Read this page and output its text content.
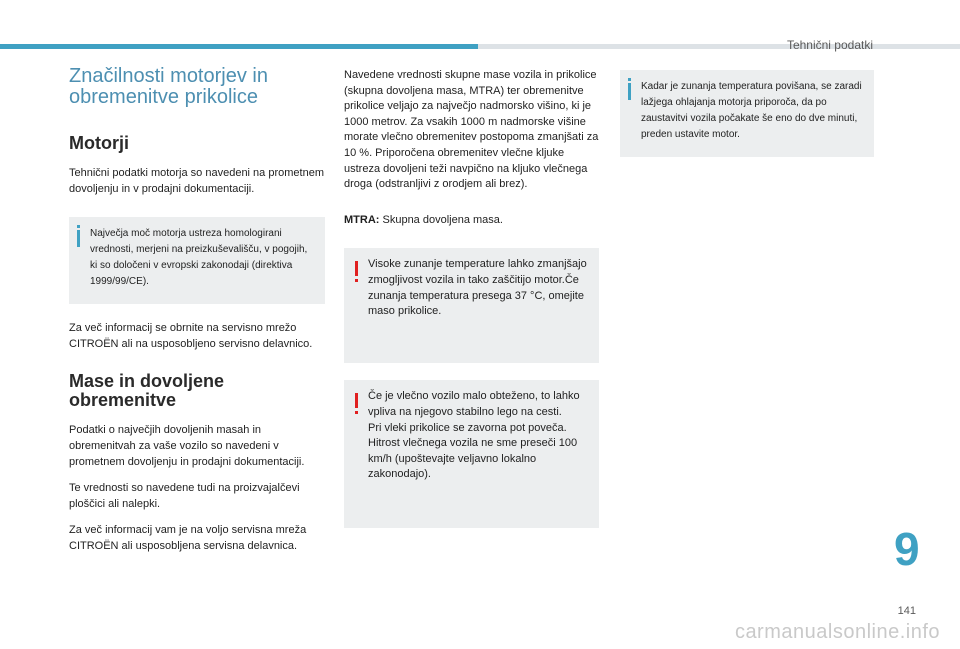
Tehnični podatki
Značilnosti motorjev in obremenitve prikolice
Motorji

Tehnični podatki motorja so navedeni na prometnem dovoljenju in v prodajni dokumentaciji.

Največja moč motorja ustreza homologirani vrednosti, merjeni na preizkuševališču, v pogojih, ki so določeni v evropski zakonodaji (direktiva 1999/99/CE).

Za več informacij se obrnite na servisno mrežo CITROËN ali na usposobljeno servisno delavnico.

Mase in dovoljene obremenitve

Podatki o največjih dovoljenih masah in obremenitvah za vaše vozilo so navedeni v prometnem dovoljenju in prodajni dokumentaciji.

Te vrednosti so navedene tudi na proizvajalčevi ploščici ali nalepki.

Za več informacij vam je na voljo servisna mreža CITROËN ali usposobljena servisna delavnica.

Navedene vrednosti skupne mase vozila in prikolice (skupna dovoljena masa, MTRA) ter obremenitve prikolice veljajo za največjo nadmorsko višino, ki je 1000 metrov. Za vsakih 1000 m nadmorske višine morate vlečno obremenitev postopoma zmanjšati za 10 %. Priporočena obremenitev vlečne kljuke ustreza dovoljeni teži navpično na kljuko vlečnega droga (odstranljivi z orodjem ali brez).

MTRA: Skupna dovoljena masa.

Visoke zunanje temperature lahko zmanjšajo zmogljivost vozila in tako zaščitijo motor.Če zunanja temperatura presega 37 °C, omejite maso prikolice.
Če je vlečno vozilo malo obteženo, to lahko vpliva na njegovo stabilno lego na cesti.
Pri vleki prikolice se zavorna pot poveča.
Hitrost vlečnega vozila ne sme preseči 100 km/h (upoštevajte veljavno lokalno zakonodajo).
Kadar je zunanja temperatura povišana, se zaradi lažjega ohlajanja motorja priporoča, da po zaustavitvi vozila počakate še eno do dve minuti, preden ustavite motor.
9
141
carmanualsonline.info
